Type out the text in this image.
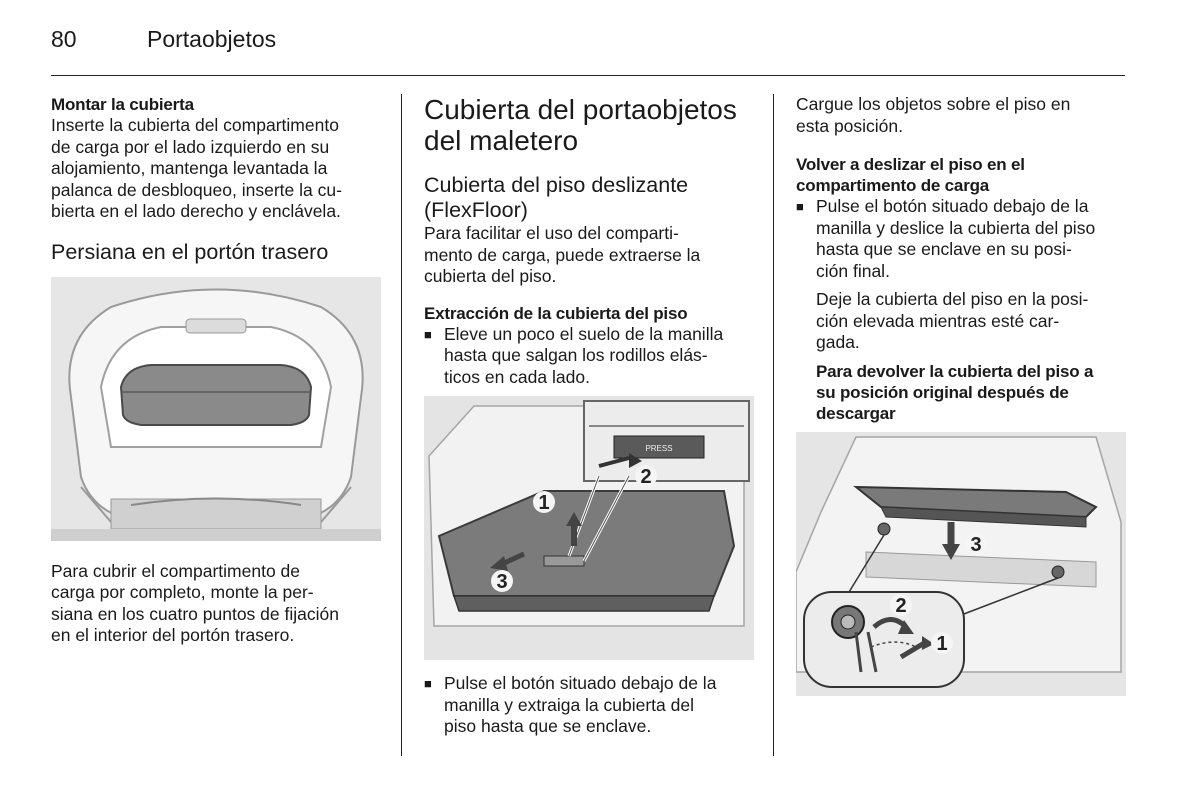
80	Portaobjetos
Montar la cubierta
Inserte la cubierta del compartimento
de carga por el lado izquierdo en su
alojamiento, mantenga levantada la
palanca de desbloqueo, inserte la cu-
bierta en el lado derecho y enclávela.
Persiana en el portón trasero
Para cubrir el compartimento de
carga por completo, monte la per-
siana en los cuatro puntos de fijación
en el interior del portón trasero.
Cubierta del portaobjetos
del maletero
Cubierta del piso deslizante
(FlexFloor)
Para facilitar el uso del comparti-
mento de carga, puede extraerse la
cubierta del piso.
Extracción de la cubierta del piso
■ Eleve un poco el suelo de la manilla
hasta que salgan los rodillos elás-
ticos en cada lado.
PRESS
1
2
3
■ Pulse el botón situado debajo de la
manilla y extraiga la cubierta del
piso hasta que se enclave.
Cargue los objetos sobre el piso en
esta posición.
Volver a deslizar el piso en el
compartimento de carga
■ Pulse el botón situado debajo de la
manilla y deslice la cubierta del piso
hasta que se enclave en su posi-
ción final.
Deje la cubierta del piso en la posi-
ción elevada mientras esté car-
gada.
Para devolver la cubierta del piso a
su posición original después de
descargar
3
2
1
